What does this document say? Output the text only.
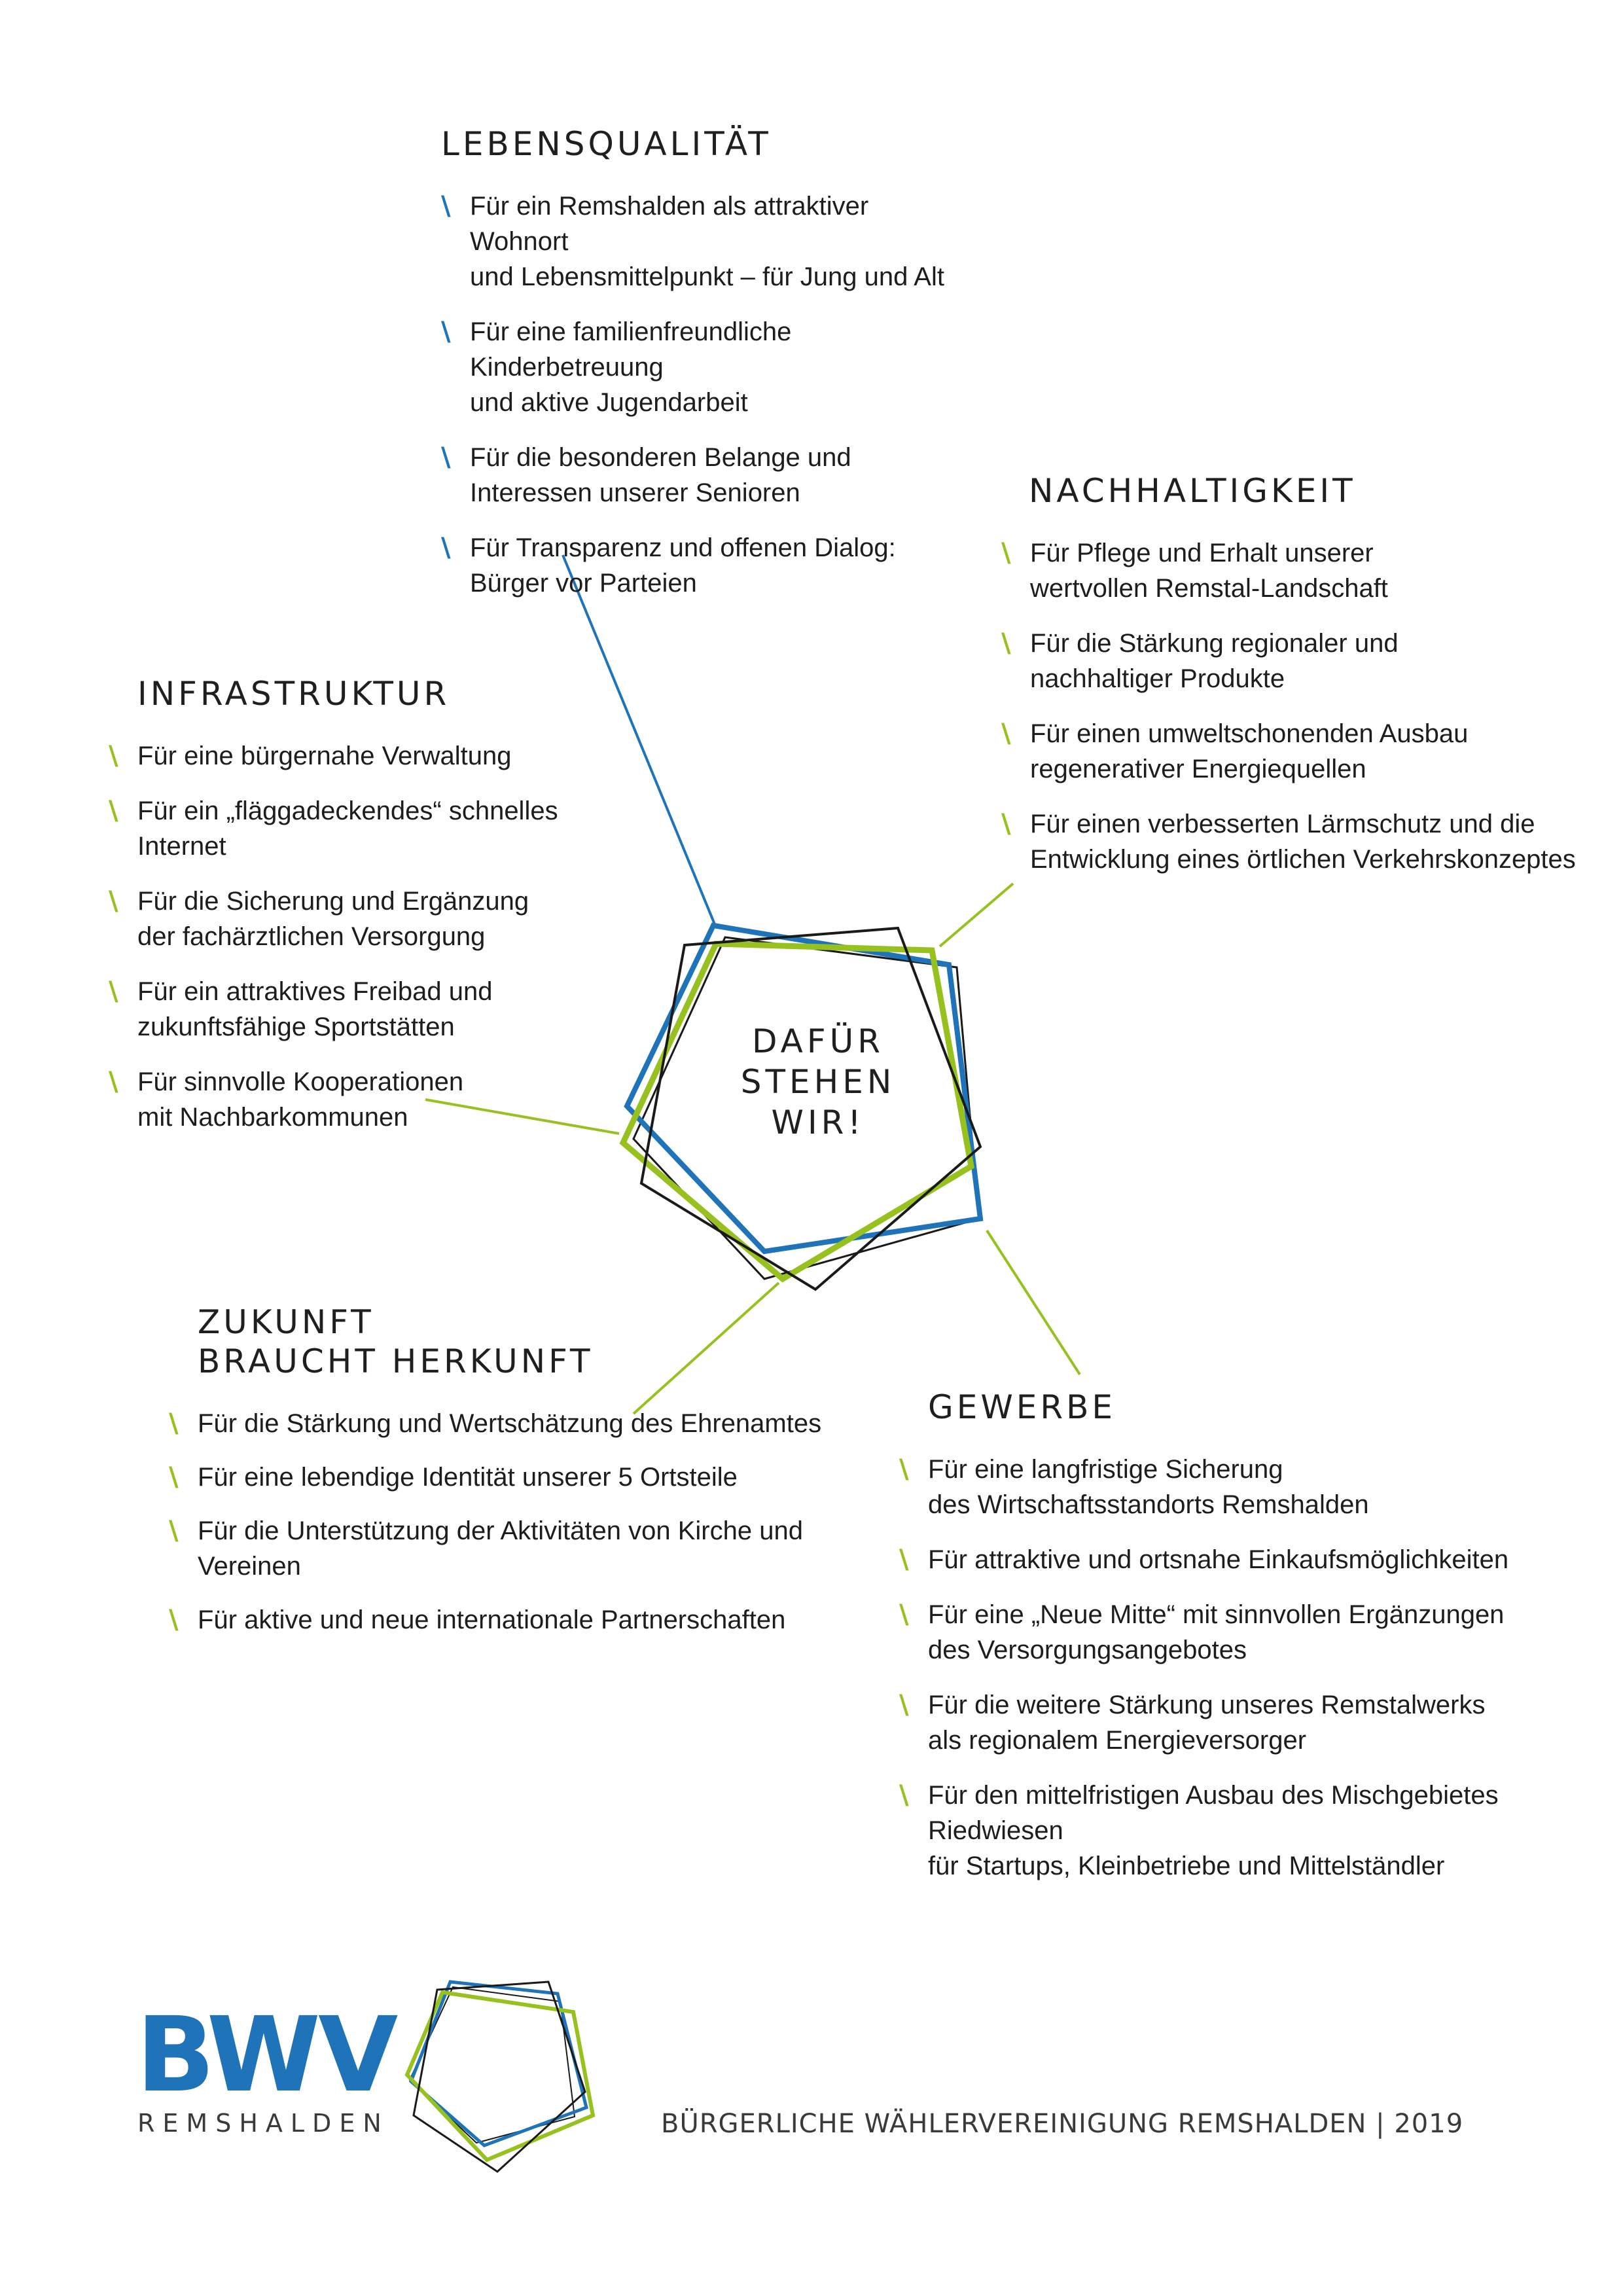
LEBENSQUALITÄT
\ Für ein Remshalden als attraktiver Wohnort
und Lebensmittelpunkt – für Jung und Alt
\ Für eine familienfreundliche Kinderbetreuung
und aktive Jugendarbeit
\ Für die besonderen Belange und
Interessen unserer Senioren
\ Für Transparenz und offenen Dialog:
Bürger vor Parteien
NACHHALTIGKEIT
\ Für Pflege und Erhalt unserer
wertvollen Remstal-Landschaft
\ Für die Stärkung regionaler und
nachhaltiger Produkte
\ Für einen umweltschonenden Ausbau
regenerativer Energiequellen
\ Für einen verbesserten Lärmschutz und die
Entwicklung eines örtlichen Verkehrskonzeptes
INFRASTRUKTUR
\ Für eine bürgernahe Verwaltung
\ Für ein „fläggadeckendes“ schnelles Internet
\ Für die Sicherung und Ergänzung
der fachärztlichen Versorgung
\ Für ein attraktives Freibad und
zukunftsfähige Sportstätten
\ Für sinnvolle Kooperationen
mit Nachbarkommunen
DAFÜR
STEHEN
WIR!
ZUKUNFT
BRAUCHT HERKUNFT
\ Für die Stärkung und Wertschätzung des Ehrenamtes
\ Für eine lebendige Identität unserer 5 Ortsteile
\ Für die Unterstützung der Aktivitäten von Kirche und Vereinen
\ Für aktive und neue internationale Partnerschaften
GEWERBE
\ Für eine langfristige Sicherung
des Wirtschaftsstandorts Remshalden
\ Für attraktive und ortsnahe Einkaufsmöglichkeiten
\ Für eine „Neue Mitte“ mit sinnvollen Ergänzungen
des Versorgungsangebotes
\ Für die weitere Stärkung unseres Remstalwerks
als regionalem Energieversorger
\ Für den mittelfristigen Ausbau des Mischgebietes Riedwiesen
für Startups, Kleinbetriebe und Mittelständler
BWV
REMSHALDEN	BÜRGERLICHE WÄHLERVEREINIGUNG REMSHALDEN | 2019
